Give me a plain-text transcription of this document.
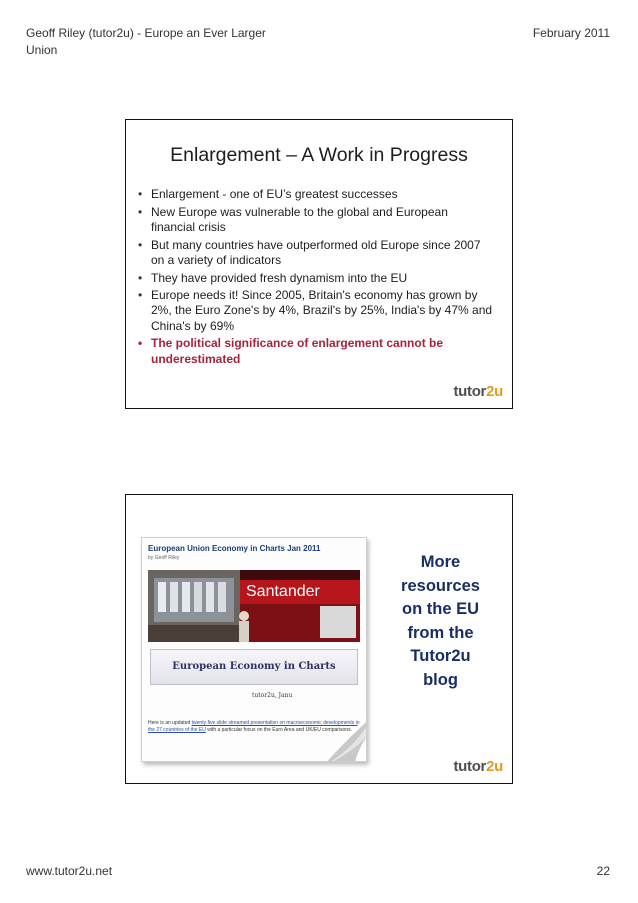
Geoff Riley (tutor2u) - Europe an Ever Larger Union
February 2011
Enlargement – A Work in Progress
• Enlargement - one of EU’s greatest successes
• New Europe was vulnerable to the global and European financial crisis
• But many countries have outperformed old Europe since 2007 on a variety of indicators
• They have provided fresh dynamism into the EU
• Europe needs it! Since 2005, Britain's economy has grown by 2%, the Euro Zone's by 4%, Brazil's by 25%, India's by 47% and China's by 69%
• The political significance of enlargement cannot be underestimated
tutor2u
European Union Economy in Charts Jan 2011
by Geoff Riley
Santander
European Economy in Charts
tutor2u, Janu
Here is an updated twenty five slide streamed presentation on macroeconomic developments in the 27 countries of the EU with a particular focus on the Euro Area and UK/EU comparisons.
More
resources
on the EU
from the
Tutor2u
blog
tutor2u
www.tutor2u.net	22
